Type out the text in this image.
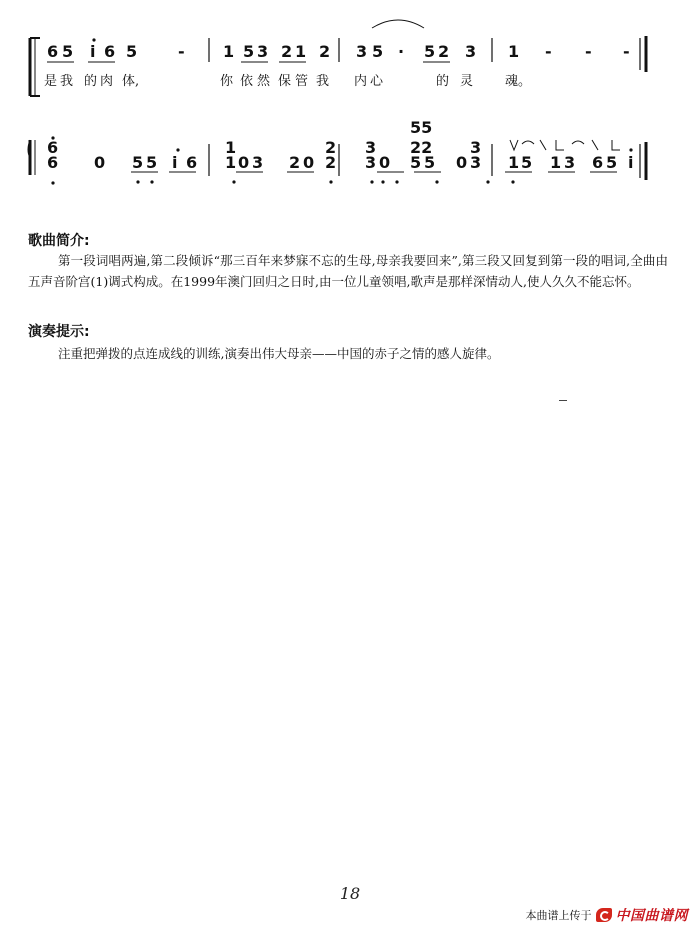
6 5 i 6 5	- 1 5 3 2 1 2 3 5 · 5 2 3 1 - - -
是 我 的 肉 体,	你 依 然 保 管 我 内 心	的 灵 魂。
6	1	2 3
55
22 3
6 0 5 5 i 6 1 0 3 2 0 2 3 0 5 5 0 3 1 5 1 3 6 5 i
歌曲简介:
第一段词唱两遍,第二段倾诉“那三百年来梦寐不忘的生母,母亲我要回来”,第三段又回复到第一段的唱词,全曲由五声音阶宫(1)调式构成。在1999年澳门回归之日时,由一位儿童领唱,歌声是那样深情动人,使人久久不能忘怀。
演奏提示:
注重把弹拨的点连成线的训练,演奏出伟大母亲——中国的赤子之情的感人旋律。
18
本曲谱上传于 中国曲谱网
